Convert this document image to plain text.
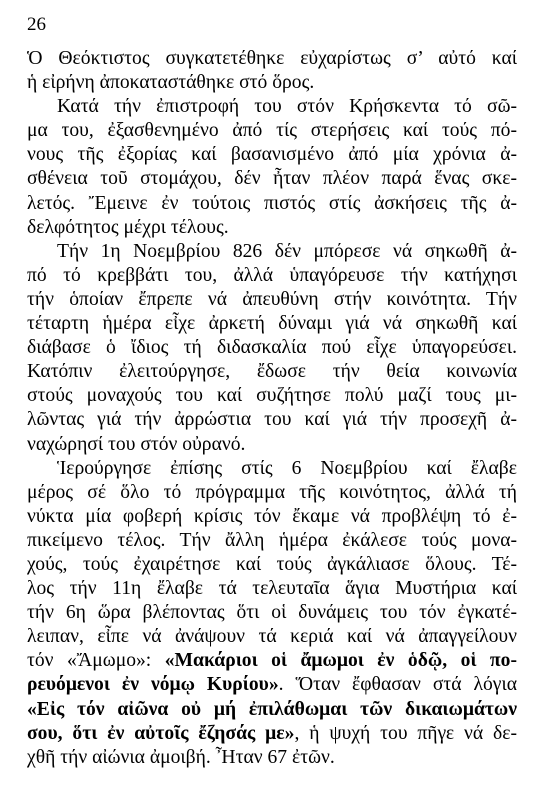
26

Ὁ Θεόκτιστος συγκατετέθηκε εὐχαρίστως σ’ αὐτό καί
ἡ εἰρήνη ἀποκαταστάθηκε στό ὅρος.

Κατά τήν ἐπιστροφή του στόν Κρήσκεντα τό σῶ-
μα του, ἐξασθενημένο ἀπό τίς στερήσεις καί τούς πό-
νους τῆς ἐξορίας καί βασανισμένο ἀπό μία χρόνια ἀ-
σθένεια τοῦ στομάχου, δέν ἦταν πλέον παρά ἕνας σκε-
λετός. Ἔμεινε ἐν τούτοις πιστός στίς ἀσκήσεις τῆς ἀ-
δελφότητος μέχρι τέλους.

Τήν 1η Νοεμβρίου 826 δέν μπόρεσε νά σηκωθῆ ἀ-
πό τό κρεββάτι του, ἀλλά ὑπαγόρευσε τήν κατήχησι
τήν ὁποίαν ἔπρεπε νά ἀπευθύνη στήν κοινότητα. Τήν
τέταρτη ἡμέρα εἶχε ἀρκετή δύναμι γιά νά σηκωθῆ καί
διάβασε ὁ ἴδιος τή διδασκαλία πού εἶχε ὑπαγορεύσει.
Κατόπιν ἐλειτούργησε, ἔδωσε τήν θεία κοινωνία
στούς μοναχούς του καί συζήτησε πολύ μαζί τους μι-
λῶντας γιά τήν ἀρρώστια του καί γιά τήν προσεχῆ ἀ-
ναχώρησί του στόν οὐρανό.

Ἱερούργησε ἐπίσης στίς 6 Νοεμβρίου καί ἔλαβε
μέρος σέ ὅλο τό πρόγραμμα τῆς κοινότητος, ἀλλά τή
νύκτα μία φοβερή κρίσις τόν ἔκαμε νά προβλέψη τό ἐ-
πικείμενο τέλος. Τήν ἄλλη ἡμέρα ἐκάλεσε τούς μονα-
χούς, τούς ἐχαιρέτησε καί τούς ἀγκάλιασε ὅλους. Τέ-
λος τήν 11η ἔλαβε τά τελευταῖα ἅγια Μυστήρια καί
τήν 6η ὥρα βλέποντας ὅτι οἱ δυνάμεις του τόν ἐγκατέ-
λειπαν, εἶπε νά ἀνάψουν τά κεριά καί νά ἀπαγγείλουν
τόν «Ἄμωμο»: «Μακάριοι οἱ ἄμωμοι ἐν ὁδῷ, οἱ πο-
ρευόμενοι ἐν νόμῳ Κυρίου». Ὅταν ἔφθασαν στά λόγια
«Εἰς τόν αἰῶνα οὐ μή ἐπιλάθωμαι τῶν δικαιωμάτων
σου, ὅτι ἐν αὐτοῖς ἔζησάς με», ἡ ψυχή του πῆγε νά δε-
χθῆ τήν αἰώνια ἀμοιβή. Ἦταν 67 ἐτῶν.
